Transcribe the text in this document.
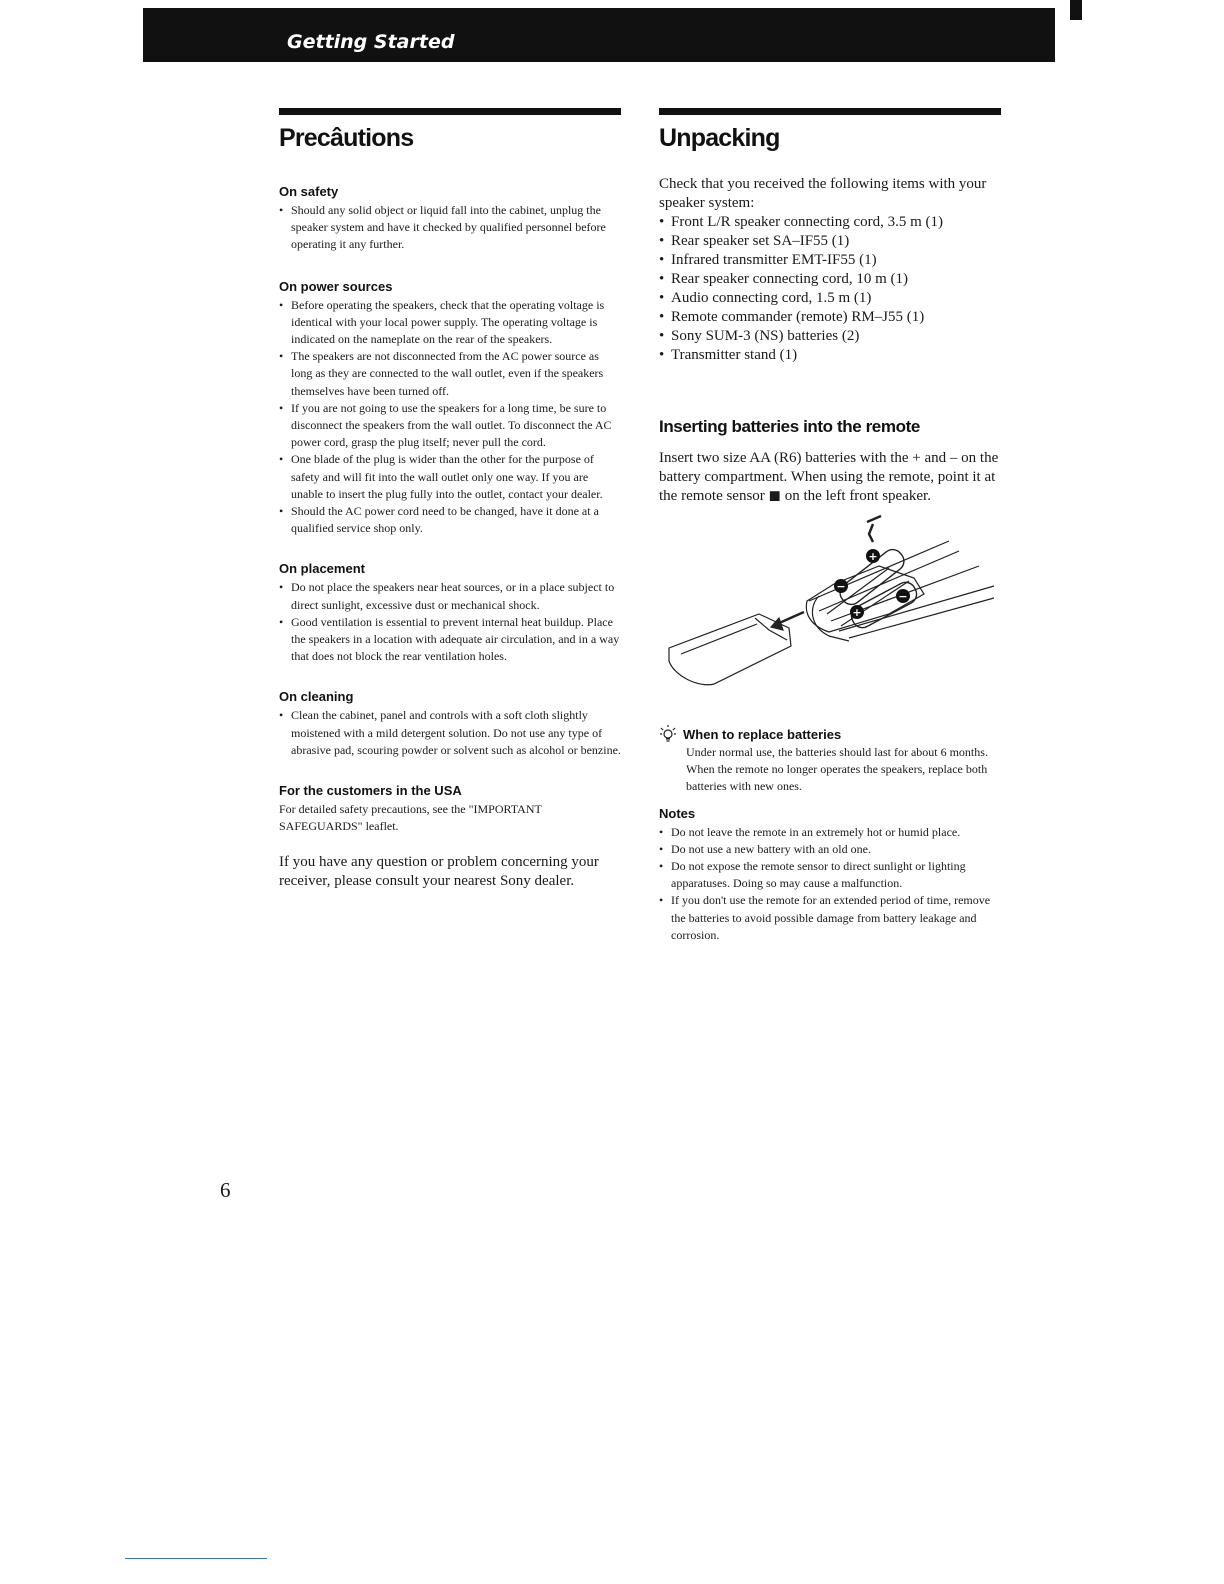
Getting Started
Precâutions
On safety
• Should any solid object or liquid fall into the cabinet, unplug the speaker system and have it checked by qualified personnel before operating it any further.
On power sources
• Before operating the speakers, check that the operating voltage is identical with your local power supply. The operating voltage is indicated on the nameplate on the rear of the speakers.
• The speakers are not disconnected from the AC power source as long as they are connected to the wall outlet, even if the speakers themselves have been turned off.
• If you are not going to use the speakers for a long time, be sure to disconnect the speakers from the wall outlet. To disconnect the AC power cord, grasp the plug itself; never pull the cord.
• One blade of the plug is wider than the other for the purpose of safety and will fit into the wall outlet only one way. If you are unable to insert the plug fully into the outlet, contact your dealer.
• Should the AC power cord need to be changed, have it done at a qualified service shop only.
On placement
• Do not place the speakers near heat sources, or in a place subject to direct sunlight, excessive dust or mechanical shock.
• Good ventilation is essential to prevent internal heat buildup. Place the speakers in a location with adequate air circulation, and in a way that does not block the rear ventilation holes.
On cleaning
• Clean the cabinet, panel and controls with a soft cloth slightly moistened with a mild detergent solution. Do not use any type of abrasive pad, scouring powder or solvent such as alcohol or benzine.
For the customers in the USA

For detailed safety precautions, see the "IMPORTANT SAFEGUARDS" leaflet.

If you have any question or problem concerning your receiver, please consult your nearest Sony dealer.

Unpacking

Check that you received the following items with your speaker system:

• Front L/R speaker connecting cord, 3.5 m (1)
• Rear speaker set SA–IF55 (1)
• Infrared transmitter EMT-IF55 (1)
• Rear speaker connecting cord, 10 m (1)
• Audio connecting cord, 1.5 m (1)
• Remote commander (remote) RM–J55 (1)
• Sony SUM-3 (NS) batteries (2)
• Transmitter stand (1)
Inserting batteries into the remote

Insert two size AA (R6) batteries with the + and – on the battery compartment. When using the remote, point it at the remote sensor ◼ on the left front speaker.

+
−
−
+
When to replace batteries

Under normal use, the batteries should last for about 6 months. When the remote no longer operates the speakers, replace both batteries with new ones.

Notes
• Do not leave the remote in an extremely hot or humid place.
• Do not use a new battery with an old one.
• Do not expose the remote sensor to direct sunlight or lighting apparatuses. Doing so may cause a malfunction.
• If you don't use the remote for an extended period of time, remove the batteries to avoid possible damage from battery leakage and corrosion.
6
